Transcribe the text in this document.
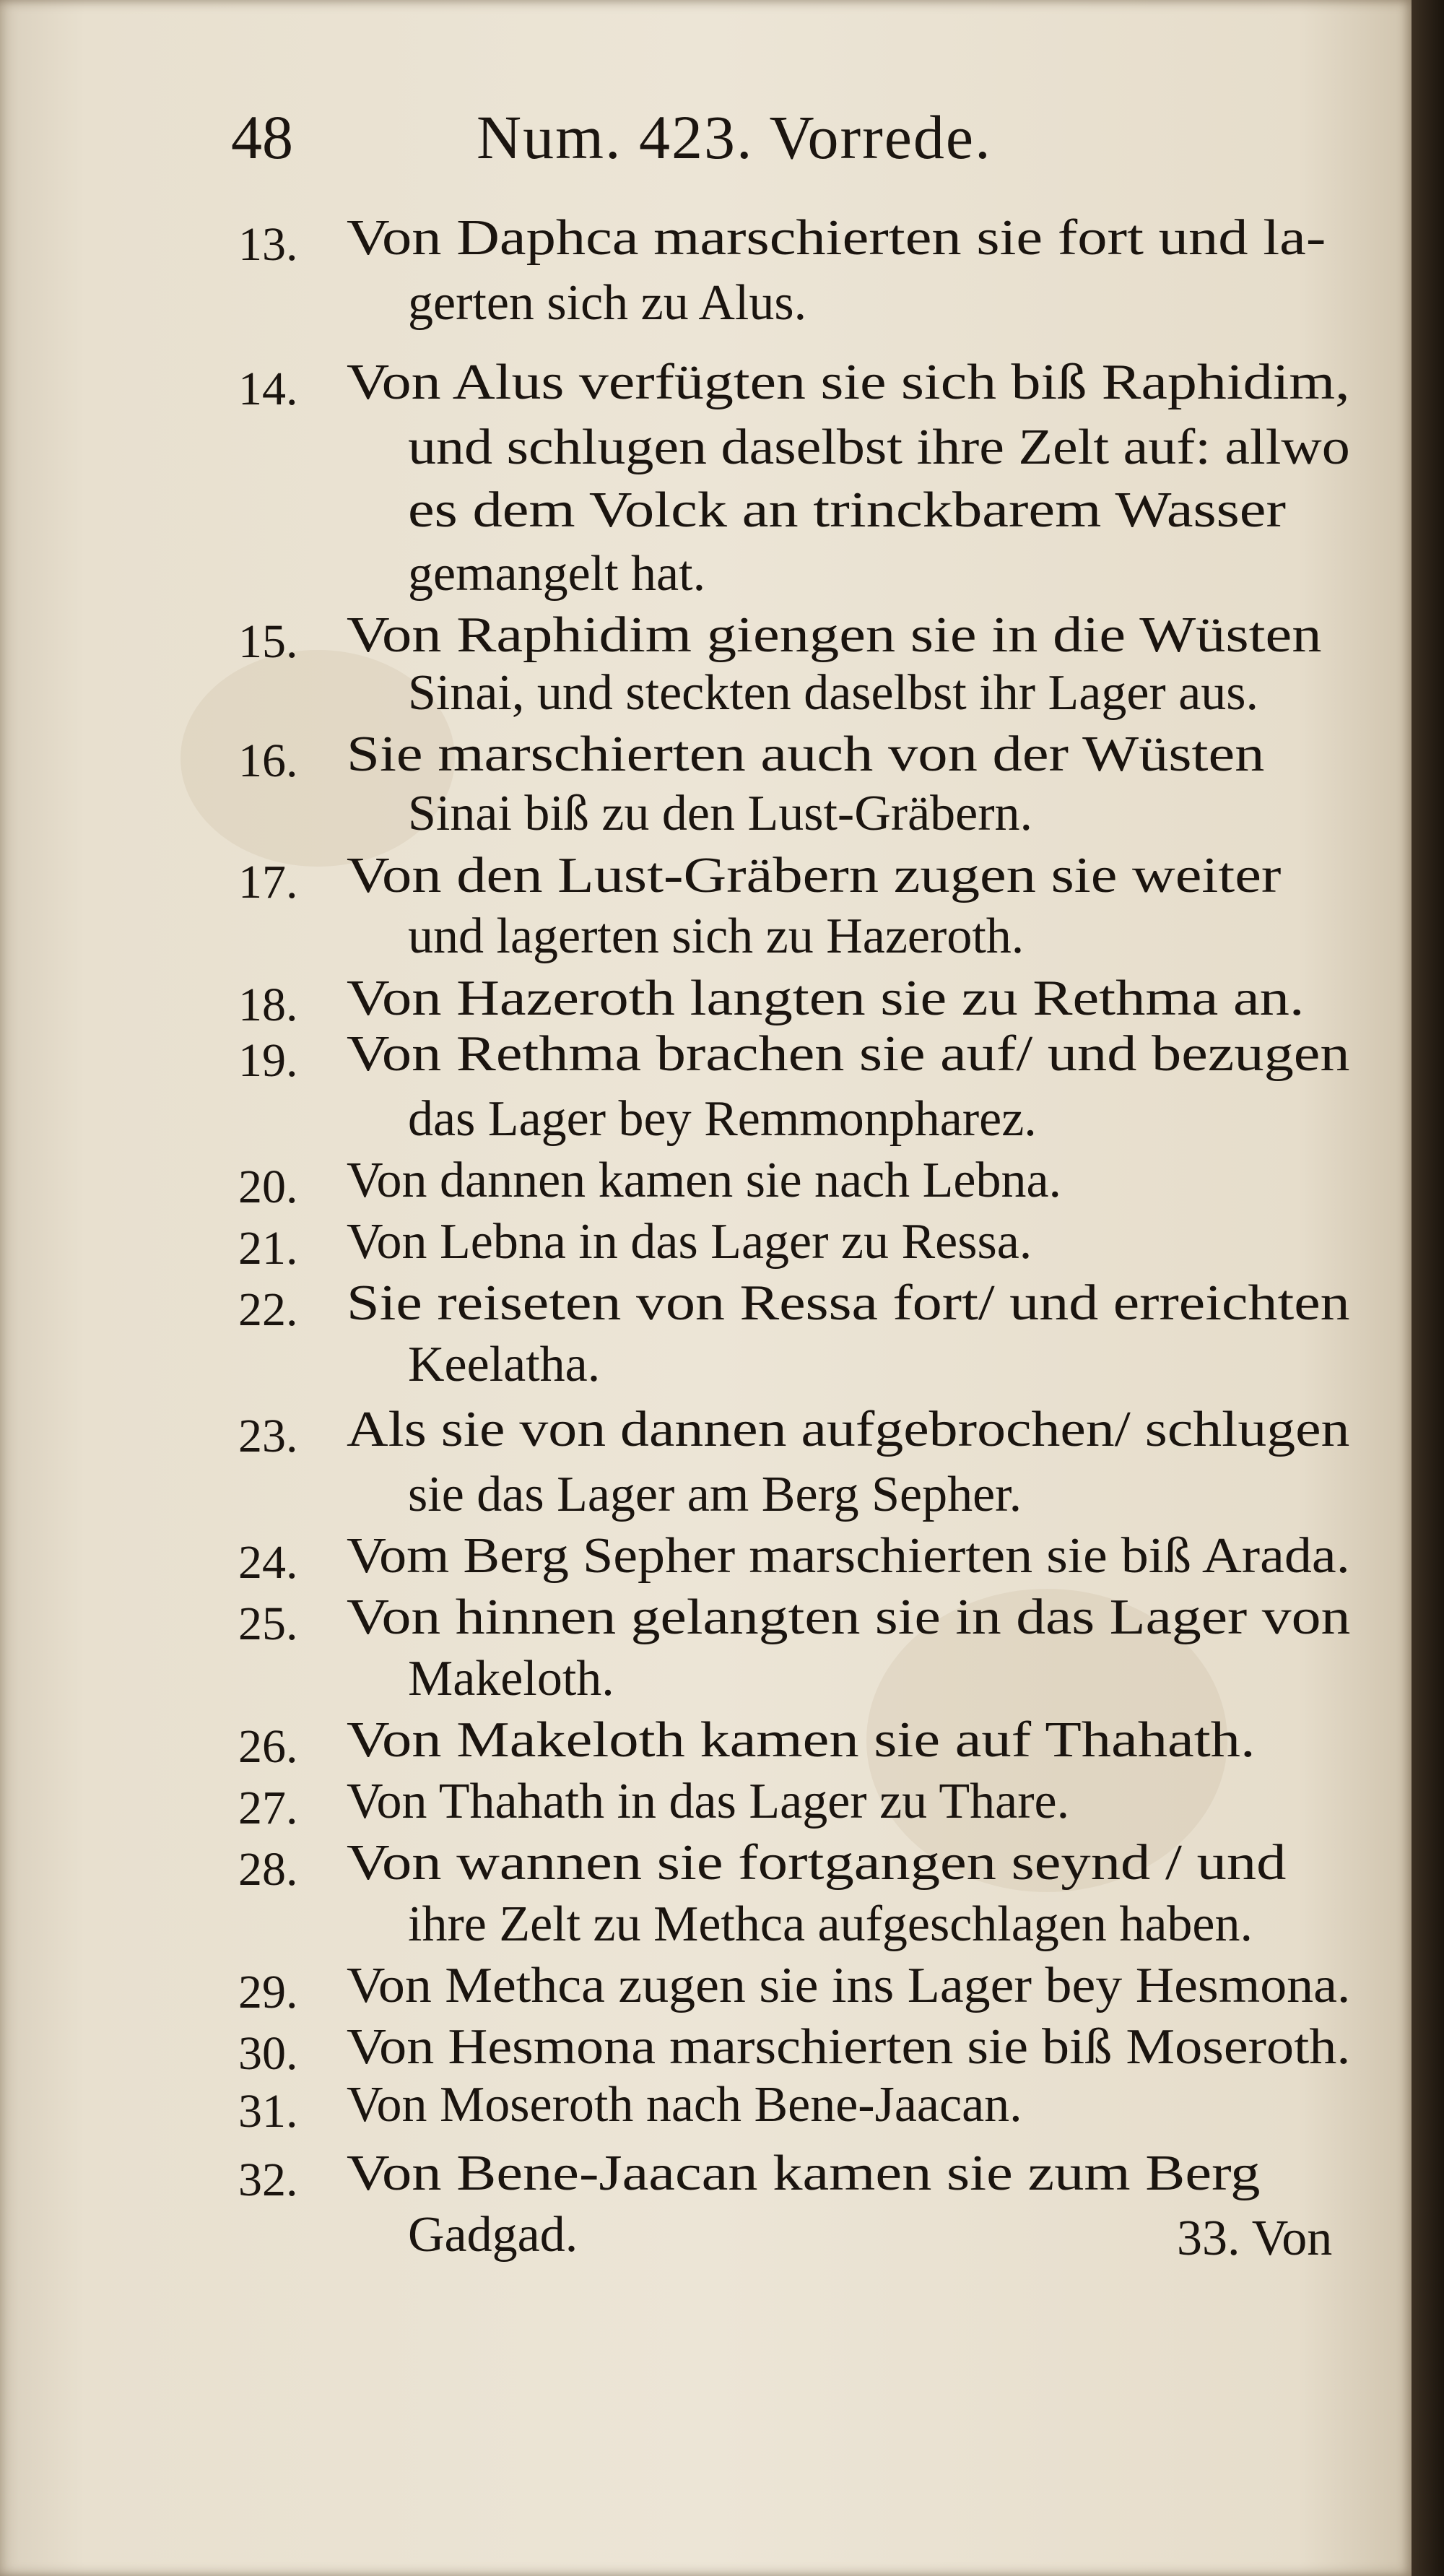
48	Num. 423. Vorrede.
13. Von Daphca marschierten sie fort und la-
gerten sich zu Alus.
14. Von Alus verfügten sie sich biß Raphidim,
und schlugen daselbst ihre Zelt auf: allwo
es dem Volck an trinckbarem Wasser
gemangelt hat.
15. Von Raphidim giengen sie in die Wüsten
Sinai, und steckten daselbst ihr Lager aus.
16. Sie marschierten auch von der Wüsten
Sinai biß zu den Lust-Gräbern.
17. Von den Lust-Gräbern zugen sie weiter
und lagerten sich zu Hazeroth.
18. Von Hazeroth langten sie zu Rethma an.
19. Von Rethma brachen sie auf/ und bezugen
das Lager bey Remmonpharez.
20. Von dannen kamen sie nach Lebna.
21. Von Lebna in das Lager zu Ressa.
22. Sie reiseten von Ressa fort/ und erreichten
Keelatha.
23. Als sie von dannen aufgebrochen/ schlugen
sie das Lager am Berg Sepher.
24. Vom Berg Sepher marschierten sie biß Arada.
25. Von hinnen gelangten sie in das Lager von
Makeloth.
26. Von Makeloth kamen sie auf Thahath.
27. Von Thahath in das Lager zu Thare.
28. Von wannen sie fortgangen seynd / und
ihre Zelt zu Methca aufgeschlagen haben.
29. Von Methca zugen sie ins Lager bey Hesmona.
30. Von Hesmona marschierten sie biß Moseroth.
31. Von Moseroth nach Bene-Jaacan.
32. Von Bene-Jaacan kamen sie zum Berg
Gadgad.	33. Von
